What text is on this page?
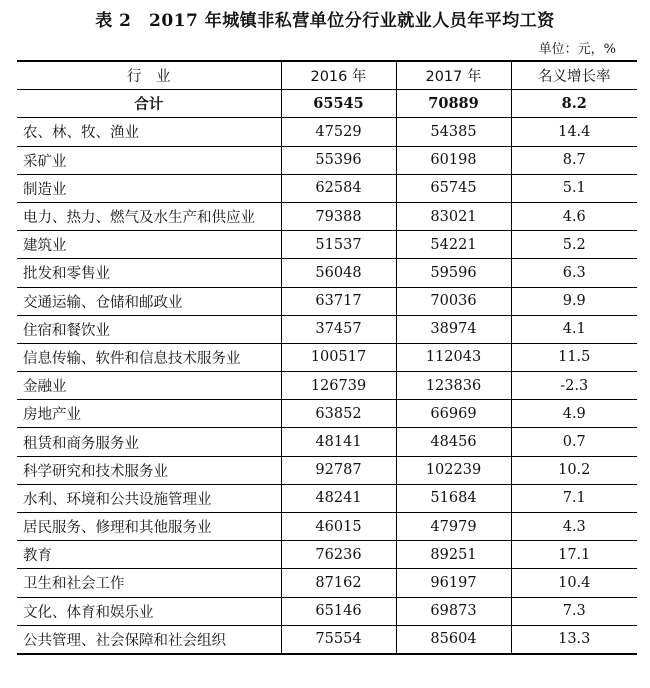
表 2　2017 年城镇非私营单位分行业就业人员年平均工资
单位：元，%
行　业	2016 年	2017 年	名义增长率
合计	65545	70889	8.2
农、林、牧、渔业	47529	54385	14.4
采矿业	55396	60198	8.7
制造业	62584	65745	5.1
电力、热力、燃气及水生产和供应业	79388	83021	4.6
建筑业	51537	54221	5.2
批发和零售业	56048	59596	6.3
交通运输、仓储和邮政业	63717	70036	9.9
住宿和餐饮业	37457	38974	4.1
信息传输、软件和信息技术服务业	100517	112043	11.5
金融业	126739	123836	-2.3
房地产业	63852	66969	4.9
租赁和商务服务业	48141	48456	0.7
科学研究和技术服务业	92787	102239	10.2
水利、环境和公共设施管理业	48241	51684	7.1
居民服务、修理和其他服务业	46015	47979	4.3
教育	76236	89251	17.1
卫生和社会工作	87162	96197	10.4
文化、体育和娱乐业	65146	69873	7.3
公共管理、社会保障和社会组织	75554	85604	13.3
